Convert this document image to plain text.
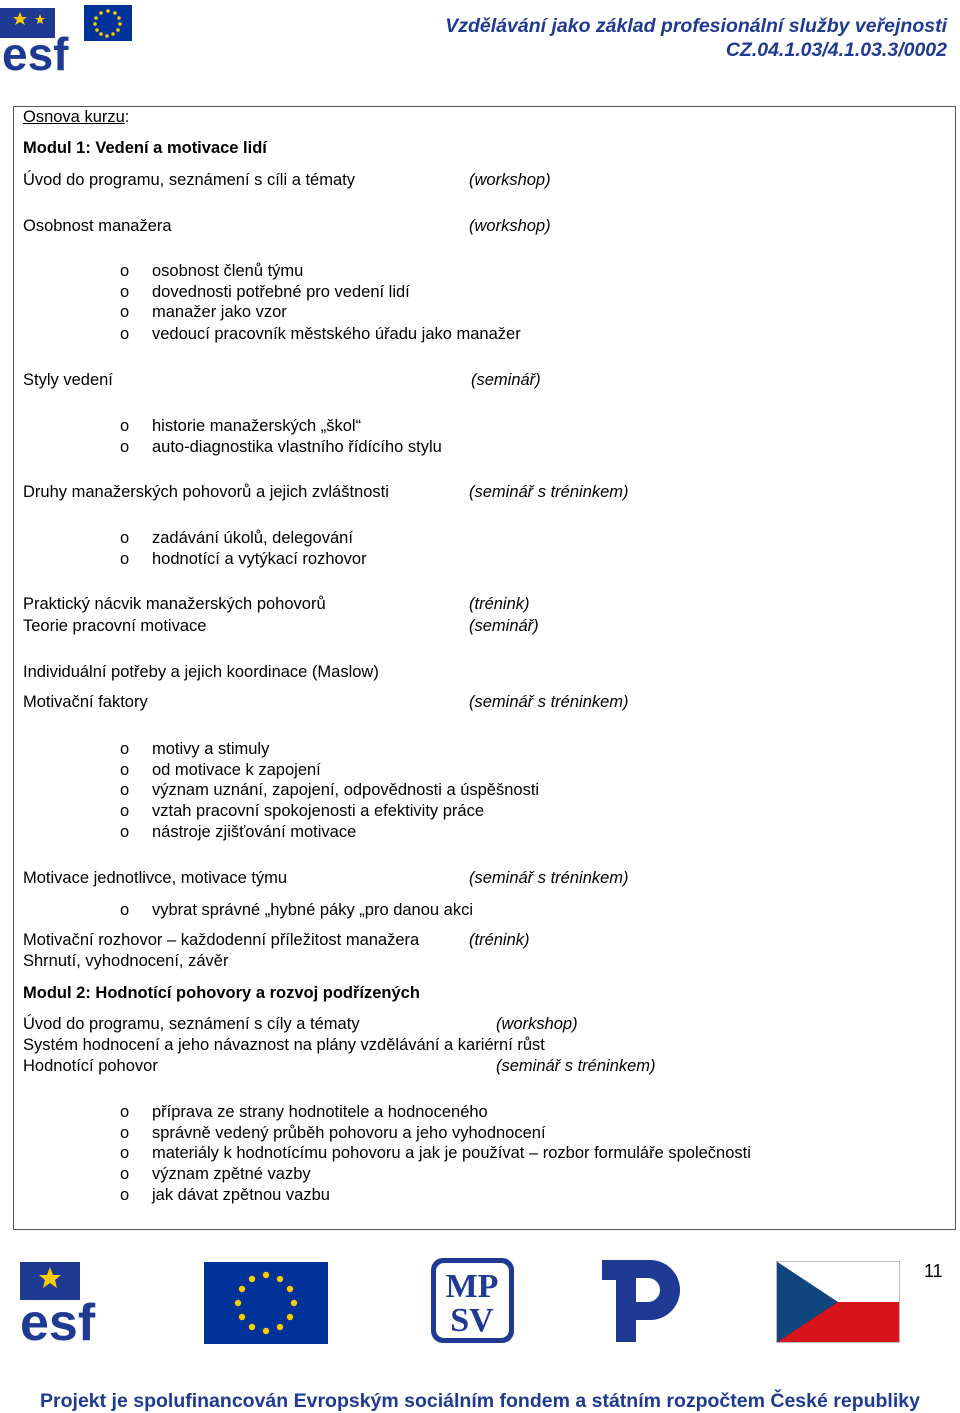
esf
Vzdělávání jako základ profesionální služby veřejnosti
CZ.04.1.03/4.1.03.3/0002
Osnova kurzu:
Modul 1: Vedení a motivace lidí
Úvod do programu, seznámení s cíli a tématy	(workshop)
Osobnost manažera	(workshop)
o osobnost členů týmu
o dovednosti potřebné pro vedení lidí
o manažer jako vzor
o vedoucí pracovník městského úřadu jako manažer
Styly vedení	(seminář)
o historie manažerských „škol“
o auto-diagnostika vlastního řídícího stylu
Druhy manažerských pohovorů a jejich zvláštnosti	(seminář s tréninkem)
o zadávání úkolů, delegování
o hodnotící a vytýkací rozhovor
Praktický nácvik manažerských pohovorů	(trénink)
Teorie pracovní motivace	(seminář)
Individuální potřeby a jejich koordinace (Maslow)
Motivační faktory	(seminář s tréninkem)
o motivy a stimuly
o od motivace k zapojení
o význam uznání, zapojení, odpovědnosti a úspěšnosti
o vztah pracovní spokojenosti a efektivity práce
o nástroje zjišťování motivace
Motivace jednotlivce, motivace týmu	(seminář s tréninkem)
o vybrat správné „hybné páky „pro danou akci
Motivační rozhovor – každodenní příležitost manažera	(trénink)
Shrnutí, vyhodnocení, závěr
Modul 2: Hodnotící pohovory a rozvoj podřízených
Úvod do programu, seznámení s cíly a tématy	(workshop)
Systém hodnocení a jeho návaznost na plány vzdělávání a kariérní růst
Hodnotící pohovor	(seminář s tréninkem)
o příprava ze strany hodnotitele a hodnoceného
o správně vedený průběh pohovoru a jeho vyhodnocení
o materiály k hodnotícímu pohovoru a jak je používat – rozbor formuláře společnosti
o význam zpětné vazby
o jak dávat zpětnou vazbu
esf
MP
SV
11
Projekt je spolufinancován Evropským sociálním fondem a státním rozpočtem České republiky
